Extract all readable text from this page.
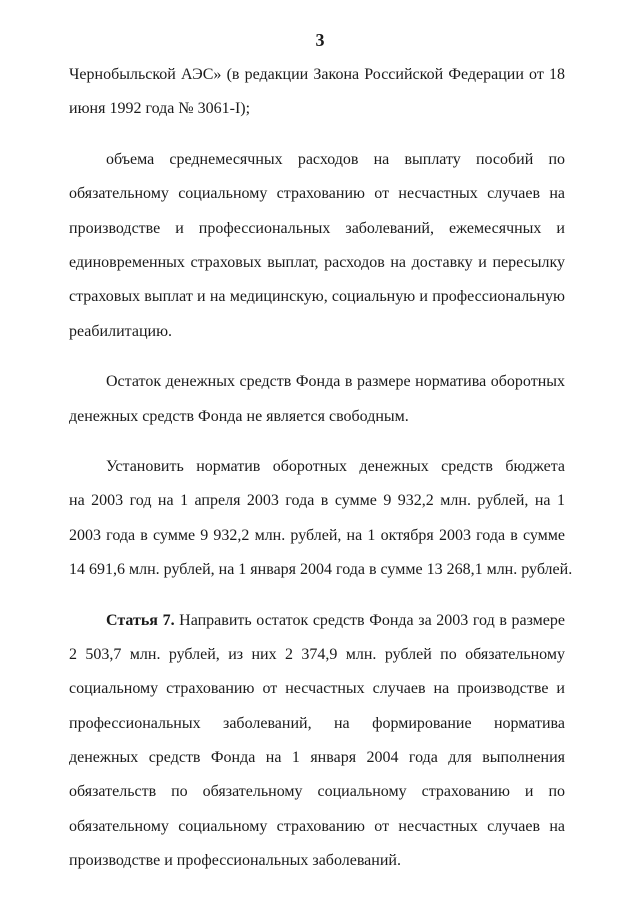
3
Чернобыльской АЭС» (в редакции Закона Российской Федерации от 18
июня 1992 года № 3061-I);
объема среднемесячных расходов на выплату пособий по
обязательному социальному страхованию от несчастных случаев на
производстве и профессиональных заболеваний, ежемесячных и
единовременных страховых выплат, расходов на доставку и пересылку
страховых выплат и на медицинскую, социальную и профессиональную
реабилитацию.
Остаток денежных средств Фонда в размере норматива оборотных
денежных средств Фонда не является свободным.
Установить норматив оборотных денежных средств бюджета
на 2003 год на 1 апреля 2003 года в сумме 9 932,2 млн. рублей, на 1
2003 года в сумме 9 932,2 млн. рублей, на 1 октября 2003 года в сумме
14 691,6 млн. рублей, на 1 января 2004 года в сумме 13 268,1 млн. рублей.
Статья 7. Направить остаток средств Фонда за 2003 год в размере
2 503,7 млн. рублей, из них 2 374,9 млн. рублей по обязательному
социальному страхованию от несчастных случаев на производстве и
профессиональных заболеваний, на формирование норматива
денежных средств Фонда на 1 января 2004 года для выполнения
обязательств по обязательному социальному страхованию и по
обязательному социальному страхованию от несчастных случаев на
производстве и профессиональных заболеваний.
